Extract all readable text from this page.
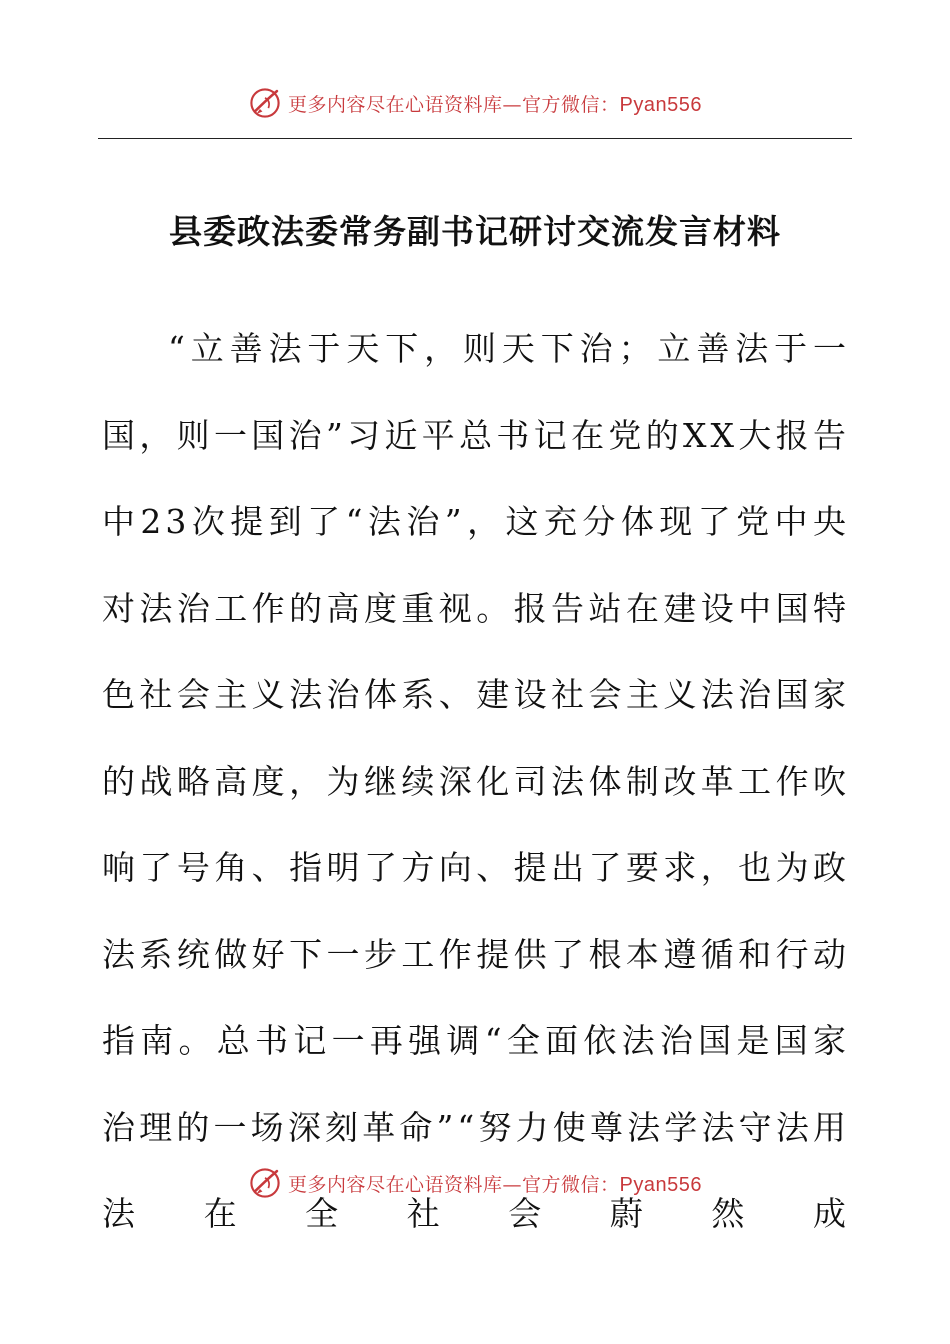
更多内容尽在心语资料库—官方微信：Pyan556
县委政法委常务副书记研讨交流发言材料

“立善法于天下，则天下治；立善法于一国，则一国治”习近平总书记在党的XX大报告中23次提到了“法治”，这充分体现了党中央对法治工作的高度重视。报告站在建设中国特色社会主义法治体系、建设社会主义法治国家的战略高度，为继续深化司法体制改革工作吹响了号角、指明了方向、提出了要求，也为政法系统做好下一步工作提供了根本遵循和行动指南。总书记一再强调“全面依法治国是国家治理的一场深刻革命”“努力使尊法学法守法用法在全社会蔚然成

更多内容尽在心语资料库—官方微信：Pyan556
